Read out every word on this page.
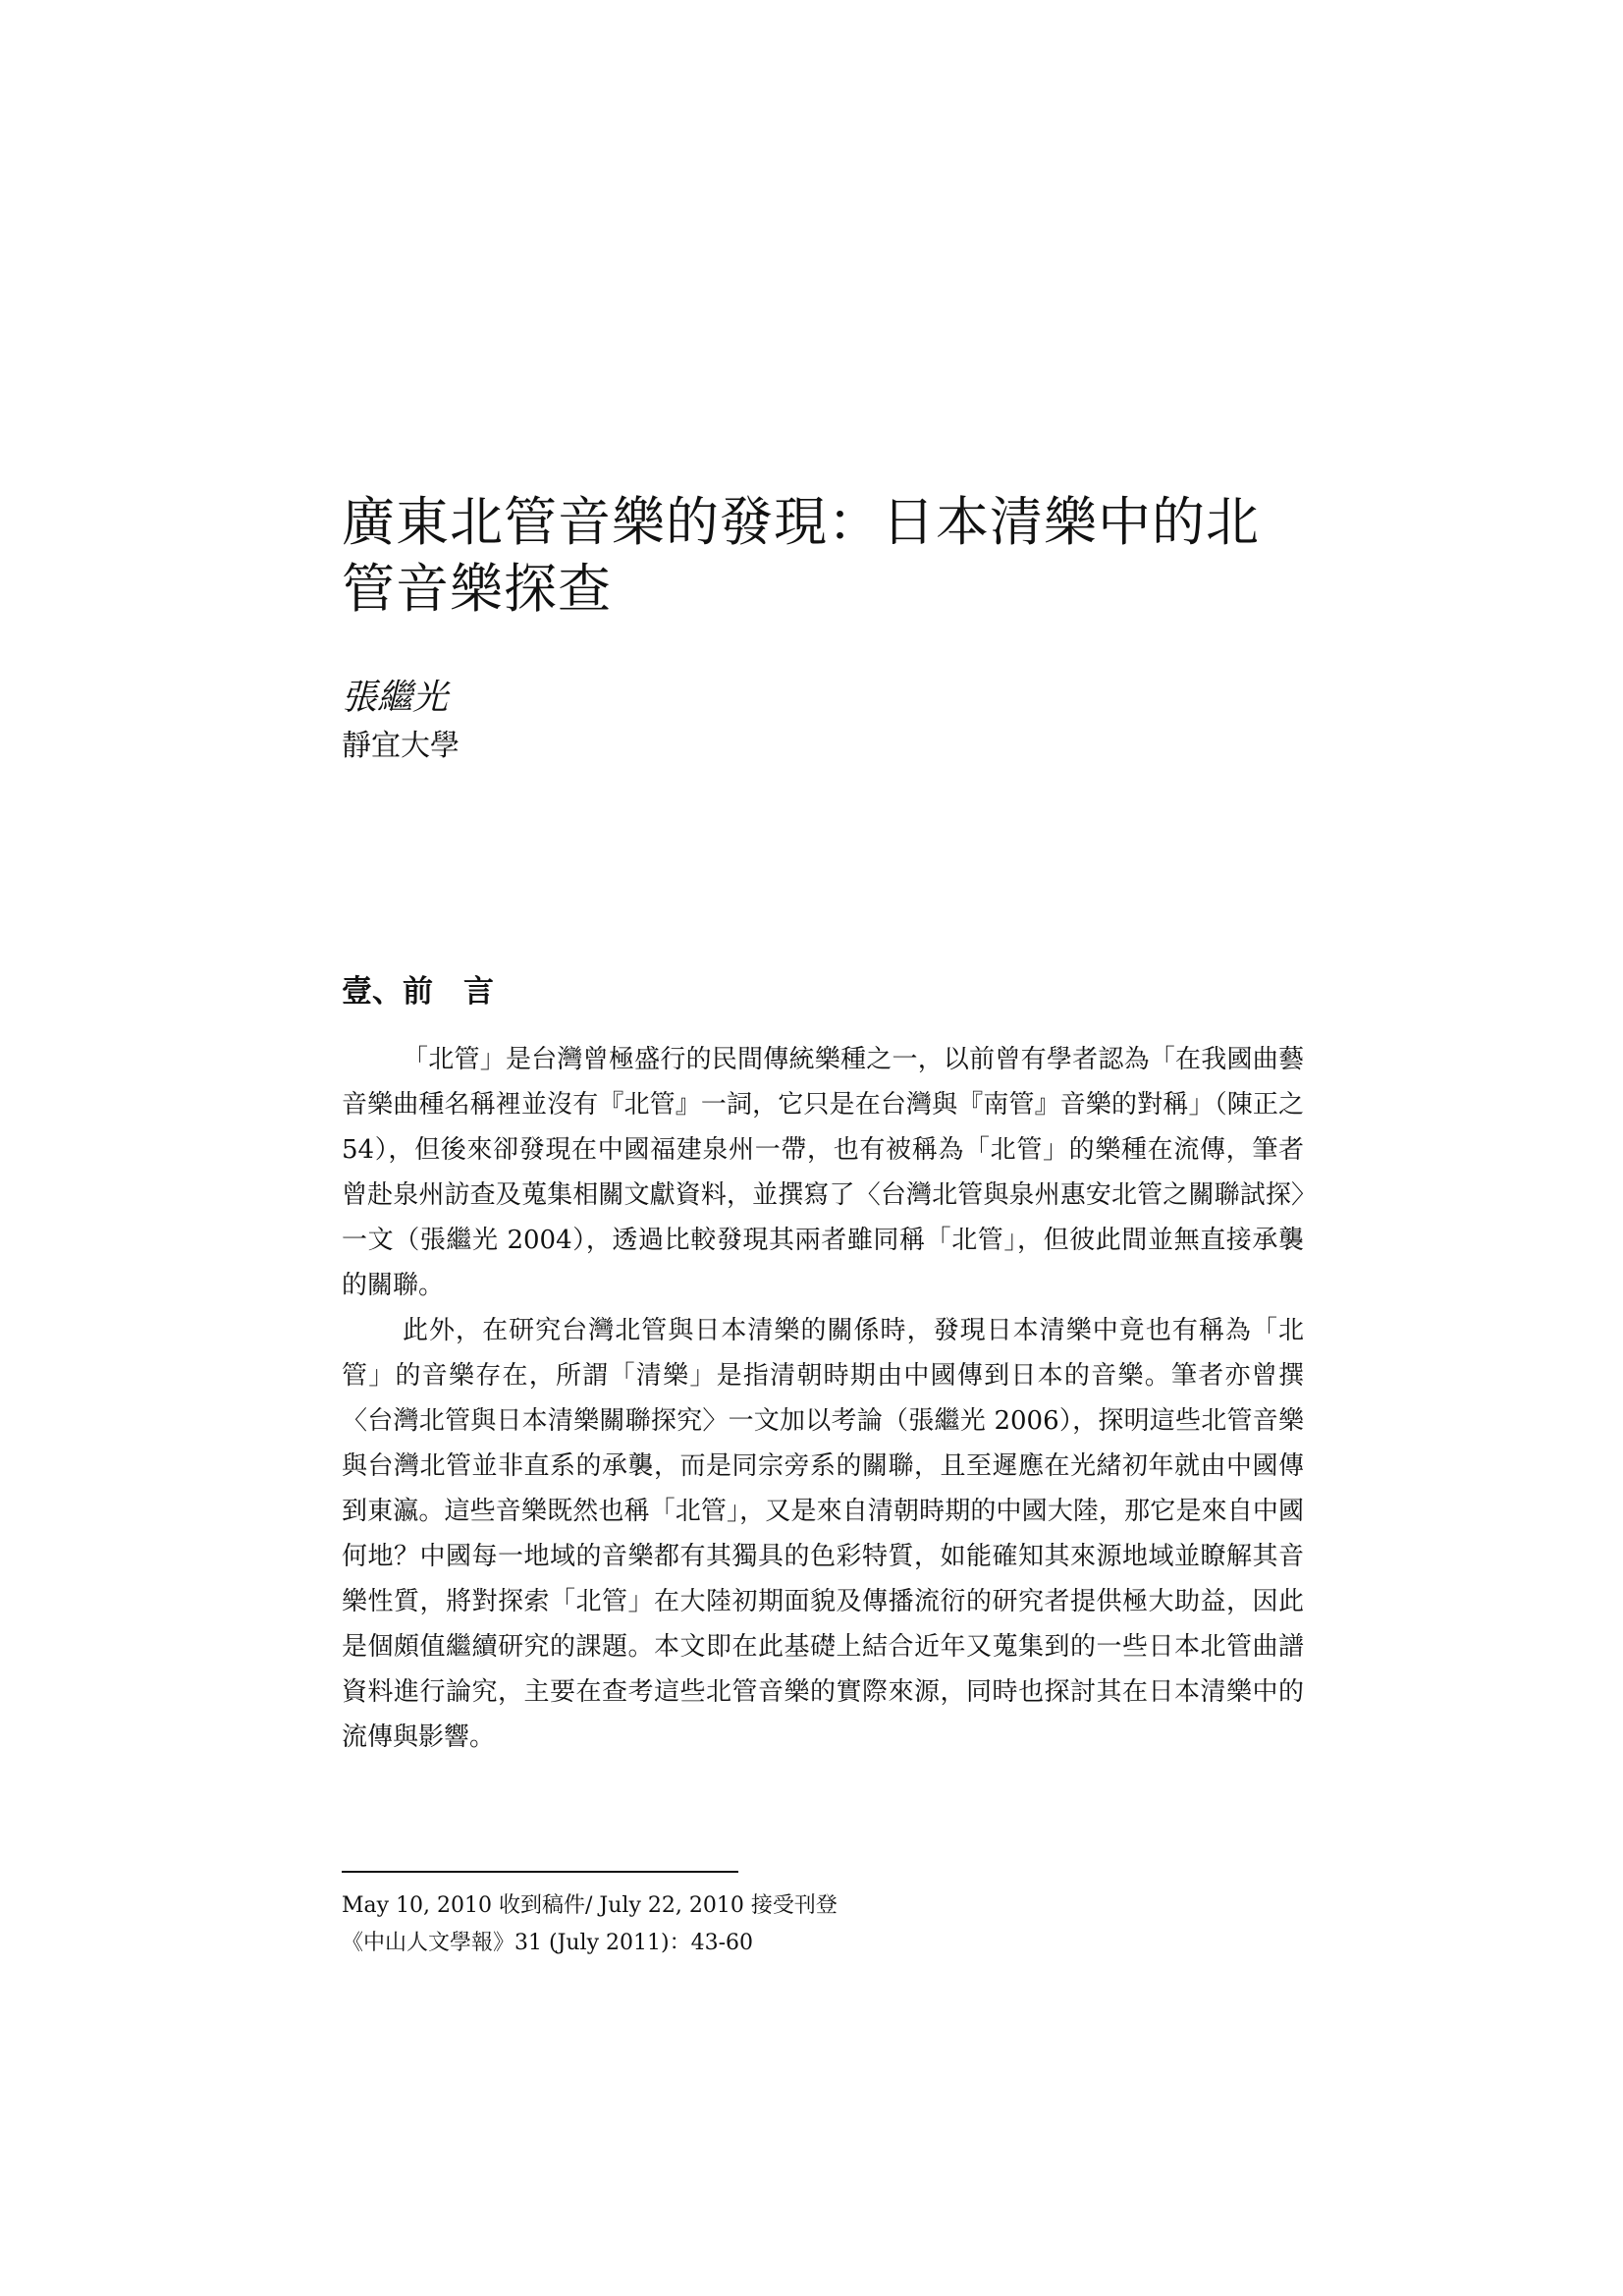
廣東北管音樂的發現：日本清樂中的北管音樂探查
張繼光
靜宜大學
壹、前　言

「北管」是台灣曾極盛行的民間傳統樂種之一，以前曾有學者認為「在我國曲藝音樂曲種名稱裡並沒有『北管』一詞，它只是在台灣與『南管』音樂的對稱」（陳正之 54），但後來卻發現在中國福建泉州一帶，也有被稱為「北管」的樂種在流傳，筆者曾赴泉州訪查及蒐集相關文獻資料，並撰寫了〈台灣北管與泉州惠安北管之關聯試探〉一文（張繼光 2004），透過比較發現其兩者雖同稱「北管」，但彼此間並無直接承襲的關聯。

此外，在研究台灣北管與日本清樂的關係時，發現日本清樂中竟也有稱為「北管」的音樂存在，所謂「清樂」是指清朝時期由中國傳到日本的音樂。筆者亦曾撰〈台灣北管與日本清樂關聯探究〉一文加以考論（張繼光 2006），探明這些北管音樂與台灣北管並非直系的承襲，而是同宗旁系的關聯，且至遲應在光緒初年就由中國傳到東瀛。這些音樂既然也稱「北管」，又是來自清朝時期的中國大陸，那它是來自中國何地？中國每一地域的音樂都有其獨具的色彩特質，如能確知其來源地域並瞭解其音樂性質，將對探索「北管」在大陸初期面貌及傳播流衍的研究者提供極大助益，因此是個頗值繼續研究的課題。本文即在此基礎上結合近年又蒐集到的一些日本北管曲譜資料進行論究，主要在查考這些北管音樂的實際來源，同時也探討其在日本清樂中的流傳與影響。

May 10, 2010 收到稿件/ July 22, 2010 接受刊登
《中山人文學報》31 (July 2011)：43-60
